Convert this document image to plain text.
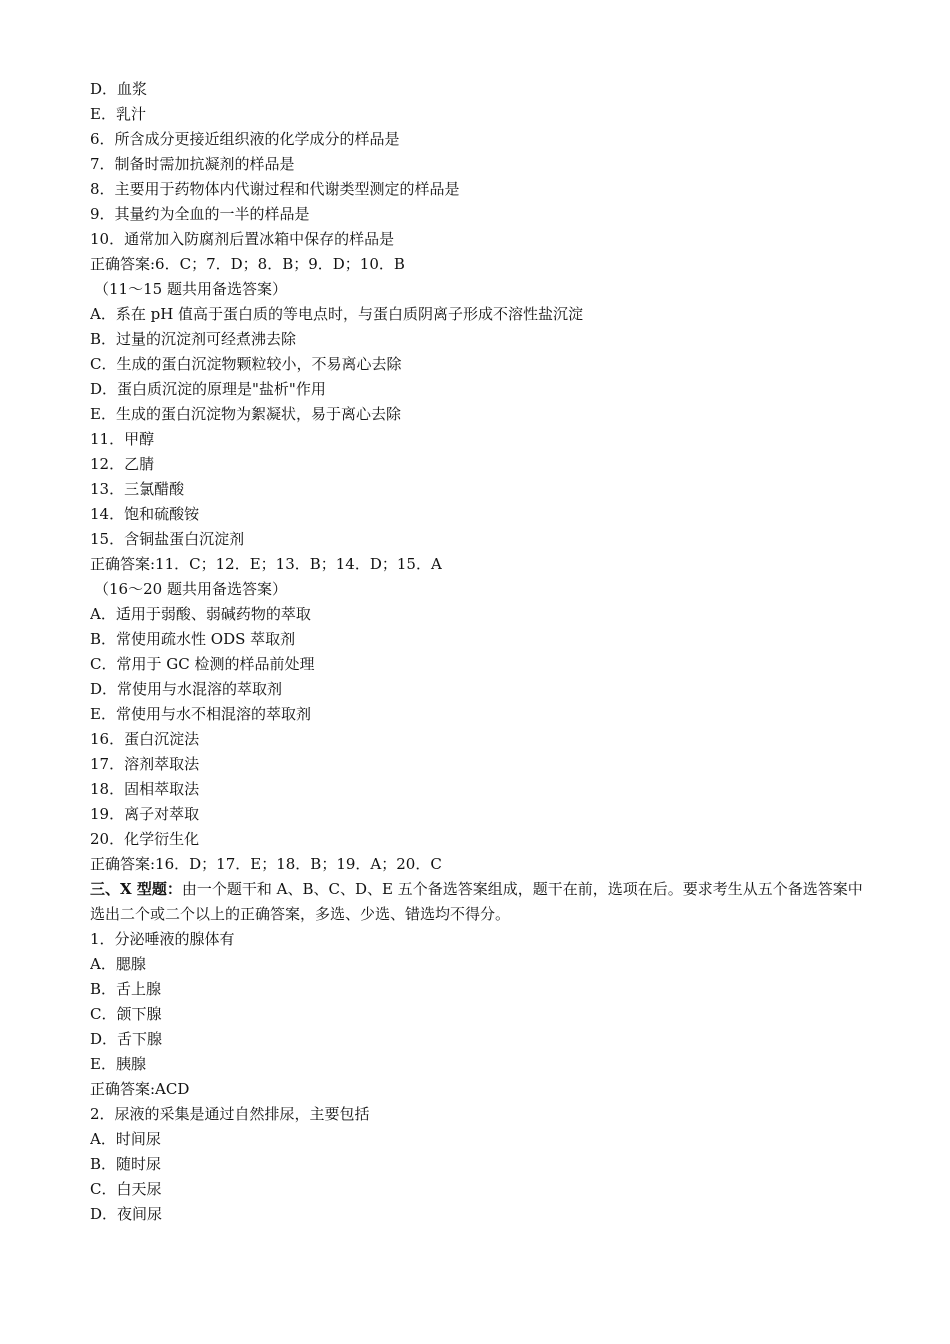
D．血浆
E．乳汁
6．所含成分更接近组织液的化学成分的样品是
7．制备时需加抗凝剂的样品是
8．主要用于药物体内代谢过程和代谢类型测定的样品是
9．其量约为全血的一半的样品是
10．通常加入防腐剂后置冰箱中保存的样品是
正确答案:6．C；7．D；8．B；9．D；10．B
（11～15 题共用备选答案）
A．系在 pH 值高于蛋白质的等电点时，与蛋白质阴离子形成不溶性盐沉淀
B．过量的沉淀剂可经煮沸去除
C．生成的蛋白沉淀物颗粒较小，不易离心去除
D．蛋白质沉淀的原理是"盐析"作用
E．生成的蛋白沉淀物为絮凝状，易于离心去除
11．甲醇
12．乙腈
13．三氯醋酸
14．饱和硫酸铵
15．含铜盐蛋白沉淀剂
正确答案:11．C；12．E；13．B；14．D；15．A
（16～20 题共用备选答案）
A．适用于弱酸、弱碱药物的萃取
B．常使用疏水性 ODS 萃取剂
C．常用于 GC 检测的样品前处理
D．常使用与水混溶的萃取剂
E．常使用与水不相混溶的萃取剂
16．蛋白沉淀法
17．溶剂萃取法
18．固相萃取法
19．离子对萃取
20．化学衍生化
正确答案:16．D；17．E；18．B；19．A；20．C
三、X 型题：由一个题干和 A、B、C、D、E 五个备选答案组成，题干在前，选项在后。要求考生从五个备选答案中选出二个或二个以上的正确答案，多选、少选、错选均不得分。
1．分泌唾液的腺体有
A．腮腺
B．舌上腺
C．颌下腺
D．舌下腺
E．胰腺
正确答案:ACD
2．尿液的采集是通过自然排尿，主要包括
A．时间尿
B．随时尿
C．白天尿
D．夜间尿
